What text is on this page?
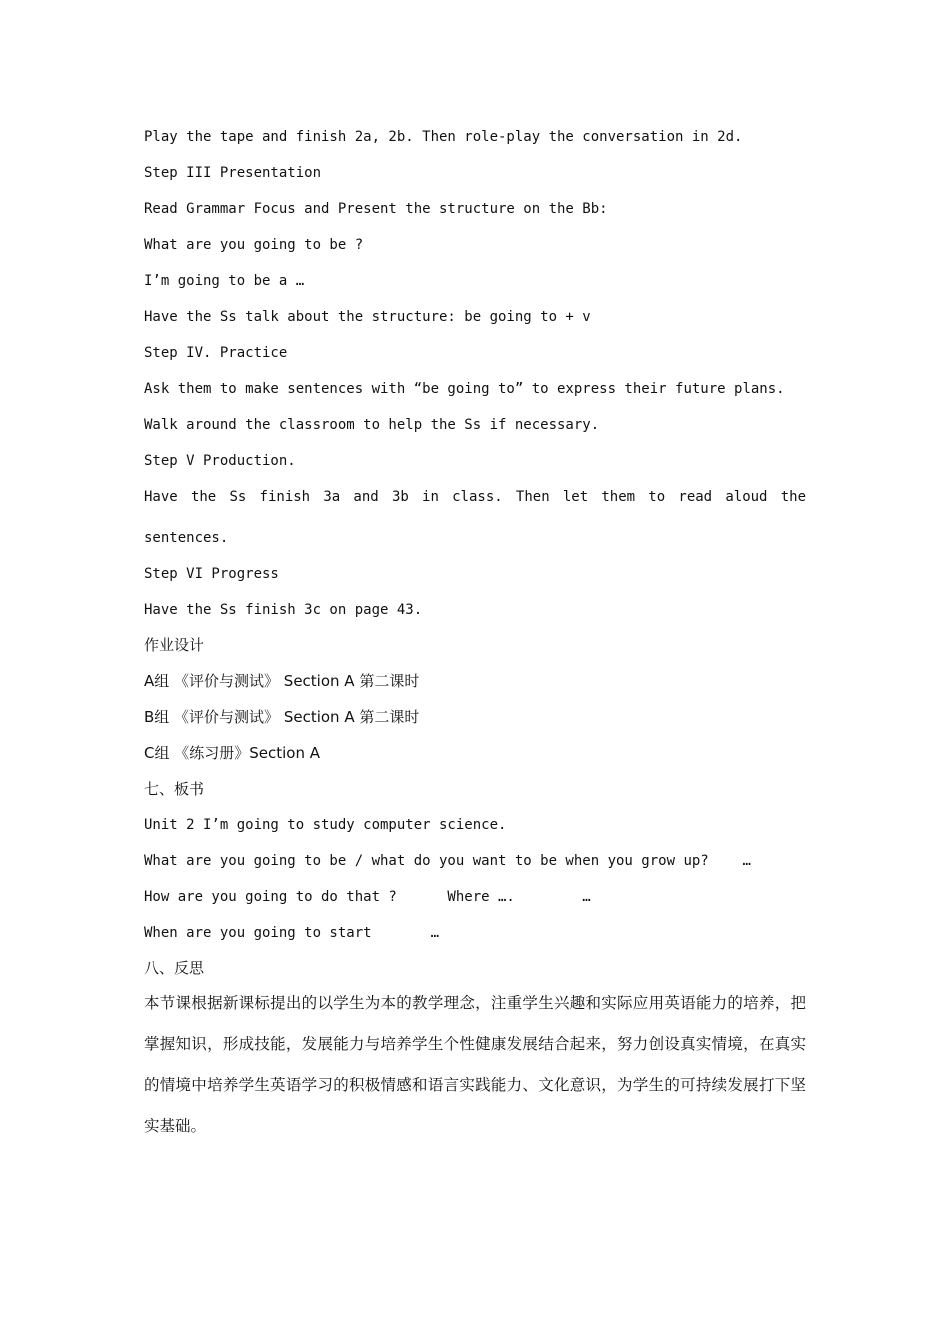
Play the tape and finish 2a, 2b. Then role-play the conversation in 2d.
Step III Presentation
Read Grammar Focus and Present the structure on the Bb:
What are you going to be ?
I’m going to be a …
Have the Ss talk about the structure: be going to + v
Step IV. Practice
Ask them to make sentences with “be going to” to express their future plans.
Walk around the classroom to help the Ss if necessary.
Step V Production.
Have the Ss finish 3a and 3b in class. Then let them to read aloud the
sentences.
Step VI Progress
Have the Ss finish 3c on page 43.
作业设计
A组 《评价与测试》 Section A 第二课时
B组 《评价与测试》 Section A 第二课时
C组 《练习册》Section A
七、板书
Unit 2 I’m going to study computer science.
What are you going to be / what do you want to be when you grow up?    …
How are you going to do that ?      Where ….        …
When are you going to start       …
八、反思
本节课根据新课标提出的以学生为本的教学理念，注重学生兴趣和实际应用英语能力的培养，把掌握知识，形成技能，发展能力与培养学生个性健康发展结合起来，努力创设真实情境，在真实的情境中培养学生英语学习的积极情感和语言实践能力、文化意识，为学生的可持续发展打下坚实基础。
